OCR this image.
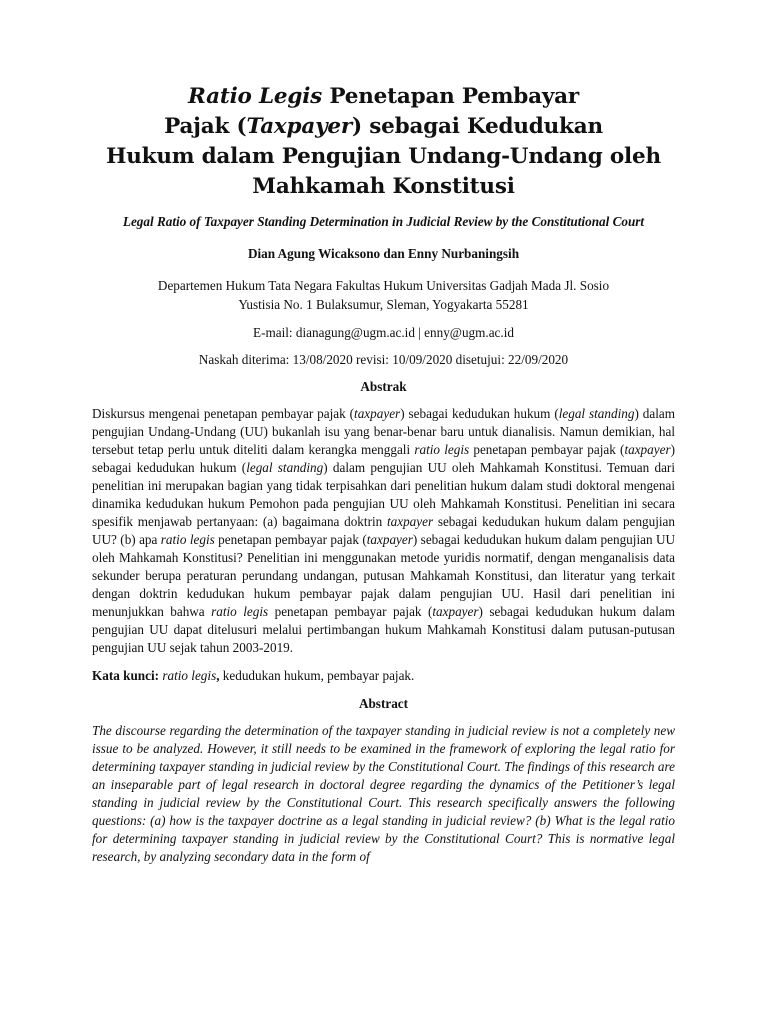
Ratio Legis Penetapan Pembayar
Pajak (Taxpayer) sebagai Kedudukan
Hukum dalam Pengujian Undang-Undang oleh
Mahkamah Konstitusi

Legal Ratio of Taxpayer Standing Determination in Judicial Review by the Constitutional Court

Dian Agung Wicaksono dan Enny Nurbaningsih

Departemen Hukum Tata Negara Fakultas Hukum Universitas Gadjah Mada Jl. Sosio
Yustisia No. 1 Bulaksumur, Sleman, Yogyakarta 55281

E-mail: dianagung@ugm.ac.id | enny@ugm.ac.id

Naskah diterima: 13/08/2020 revisi: 10/09/2020 disetujui: 22/09/2020

Abstrak

Diskursus mengenai penetapan pembayar pajak (taxpayer) sebagai kedudukan hukum (legal standing) dalam pengujian Undang-Undang (UU) bukanlah isu yang benar-benar baru untuk dianalisis. Namun demikian, hal tersebut tetap perlu untuk diteliti dalam kerangka menggali ratio legis penetapan pembayar pajak (taxpayer) sebagai kedudukan hukum (legal standing) dalam pengujian UU oleh Mahkamah Konstitusi. Temuan dari penelitian ini merupakan bagian yang tidak terpisahkan dari penelitian hukum dalam studi doktoral mengenai dinamika kedudukan hukum Pemohon pada pengujian UU oleh Mahkamah Konstitusi. Penelitian ini secara spesifik menjawab pertanyaan: (a) bagaimana doktrin taxpayer sebagai kedudukan hukum dalam pengujian UU? (b) apa ratio legis penetapan pembayar pajak (taxpayer) sebagai kedudukan hukum dalam pengujian UU oleh Mahkamah Konstitusi? Penelitian ini menggunakan metode yuridis normatif, dengan menganalisis data sekunder berupa peraturan perundang undangan, putusan Mahkamah Konstitusi, dan literatur yang terkait dengan doktrin kedudukan hukum pembayar pajak dalam pengujian UU. Hasil dari penelitian ini menunjukkan bahwa ratio legis penetapan pembayar pajak (taxpayer) sebagai kedudukan hukum dalam pengujian UU dapat ditelusuri melalui pertimbangan hukum Mahkamah Konstitusi dalam putusan-putusan pengujian UU sejak tahun 2003-2019.

Kata kunci: ratio legis, kedudukan hukum, pembayar pajak.

Abstract

The discourse regarding the determination of the taxpayer standing in judicial review is not a completely new issue to be analyzed. However, it still needs to be examined in the framework of exploring the legal ratio for determining taxpayer standing in judicial review by the Constitutional Court. The findings of this research are an inseparable part of legal research in doctoral degree regarding the dynamics of the Petitioner’s legal standing in judicial review by the Constitutional Court. This research specifically answers the following questions: (a) how is the taxpayer doctrine as a legal standing in judicial review? (b) What is the legal ratio for determining taxpayer standing in judicial review by the Constitutional Court? This is normative legal research, by analyzing secondary data in the form of
